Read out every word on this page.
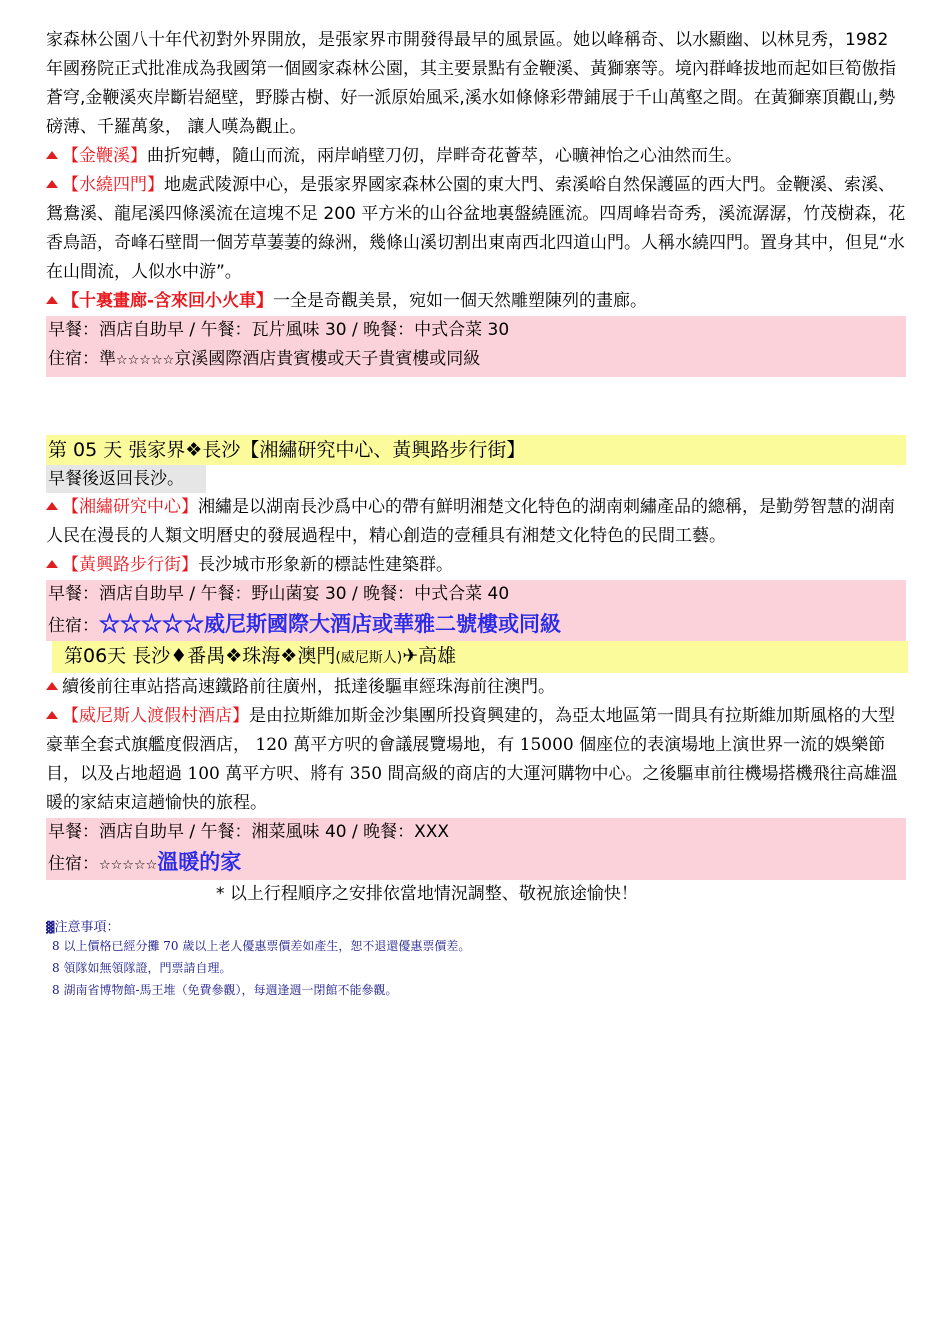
家森林公園八十年代初對外界開放，是張家界市開發得最早的風景區。她以峰稱奇、以水顯幽、以林見秀，1982 年國務院正式批准成為我國第一個國家森林公園，其主要景點有金鞭溪、黃獅寨等。境內群峰拔地而起如巨筍傲指蒼穹,金鞭溪夾岸斷岩絕壁，野滕古樹、好一派原始風采,溪水如條條彩帶鋪展于千山萬壑之間。在黃獅寨頂觀山,勢磅薄、千羅萬象， 讓人嘆為觀止。

【金鞭溪】曲折宛轉，隨山而流，兩岸峭壁刀仞，岸畔奇花薈萃，心曠神怡之心油然而生。

【水繞四門】地處武陵源中心，是張家界國家森林公園的東大門、索溪峪自然保護區的西大門。金鞭溪、索溪、鴛鴦溪、龍尾溪四條溪流在這塊不足 200 平方米的山谷盆地裏盤繞匯流。四周峰岩奇秀，溪流潺潺，竹茂樹森，花香鳥語，奇峰石壁間一個芳草萋萋的綠洲，幾條山溪切割出東南西北四道山門。人稱水繞四門。置身其中，但見“水在山間流，人似水中游”。

【十裏畫廊-含來回小火車】一全是奇觀美景，宛如一個天然雕塑陳列的畫廊。

早餐：酒店自助早 / 午餐：瓦片風味 30 / 晚餐：中式合菜 30
住宿：準☆☆☆☆☆京溪國際酒店貴賓樓或天子貴賓樓或同級
第 05 天 張家界❖長沙【湘繡研究中心、黃興路步行街】
早餐後返回長沙。

【湘繡研究中心】湘繡是以湖南長沙爲中心的帶有鮮明湘楚文化特色的湖南刺繡產品的總稱，是勤勞智慧的湖南人民在漫長的人類文明曆史的發展過程中，精心創造的壹種具有湘楚文化特色的民間工藝。

【黃興路步行街】長沙城市形象新的標誌性建築群。

早餐：酒店自助早 / 午餐：野山菌宴 30 / 晚餐：中式合菜 40
住宿：☆☆☆☆☆威尼斯國際大酒店或華雅二號樓或同級
第06天 長沙♦番禺❖珠海❖澳門(威尼斯人)✈高雄

續後前往車站搭高速鐵路前往廣州，抵達後驅車經珠海前往澳門。

【威尼斯人渡假村酒店】是由拉斯維加斯金沙集團所投資興建的，為亞太地區第一間具有拉斯維加斯風格的大型豪華全套式旗艦度假酒店， 120 萬平方呎的會議展覽場地，有 15000 個座位的表演場地上演世界一流的娛樂節目，以及占地超過 100 萬平方呎、將有 350 間高級的商店的大運河購物中心。之後驅車前往機場搭機飛往高雄溫暖的家結束這趟愉快的旅程。

早餐：酒店自助早 / 午餐：湘菜風味 40 / 晚餐：XXX
住宿：☆☆☆☆☆溫暖的家
* 以上行程順序之安排依當地情況調整、敬祝旅途愉快！
▓注意事項：
8 以上價格已經分攤 70 歲以上老人優惠票價差如產生，恕不退還優惠票價差。
8 領隊如無領隊證，門票請自理。
8 湖南省博物館-馬王堆（免費參觀），每週逢週一閉館不能參觀。
